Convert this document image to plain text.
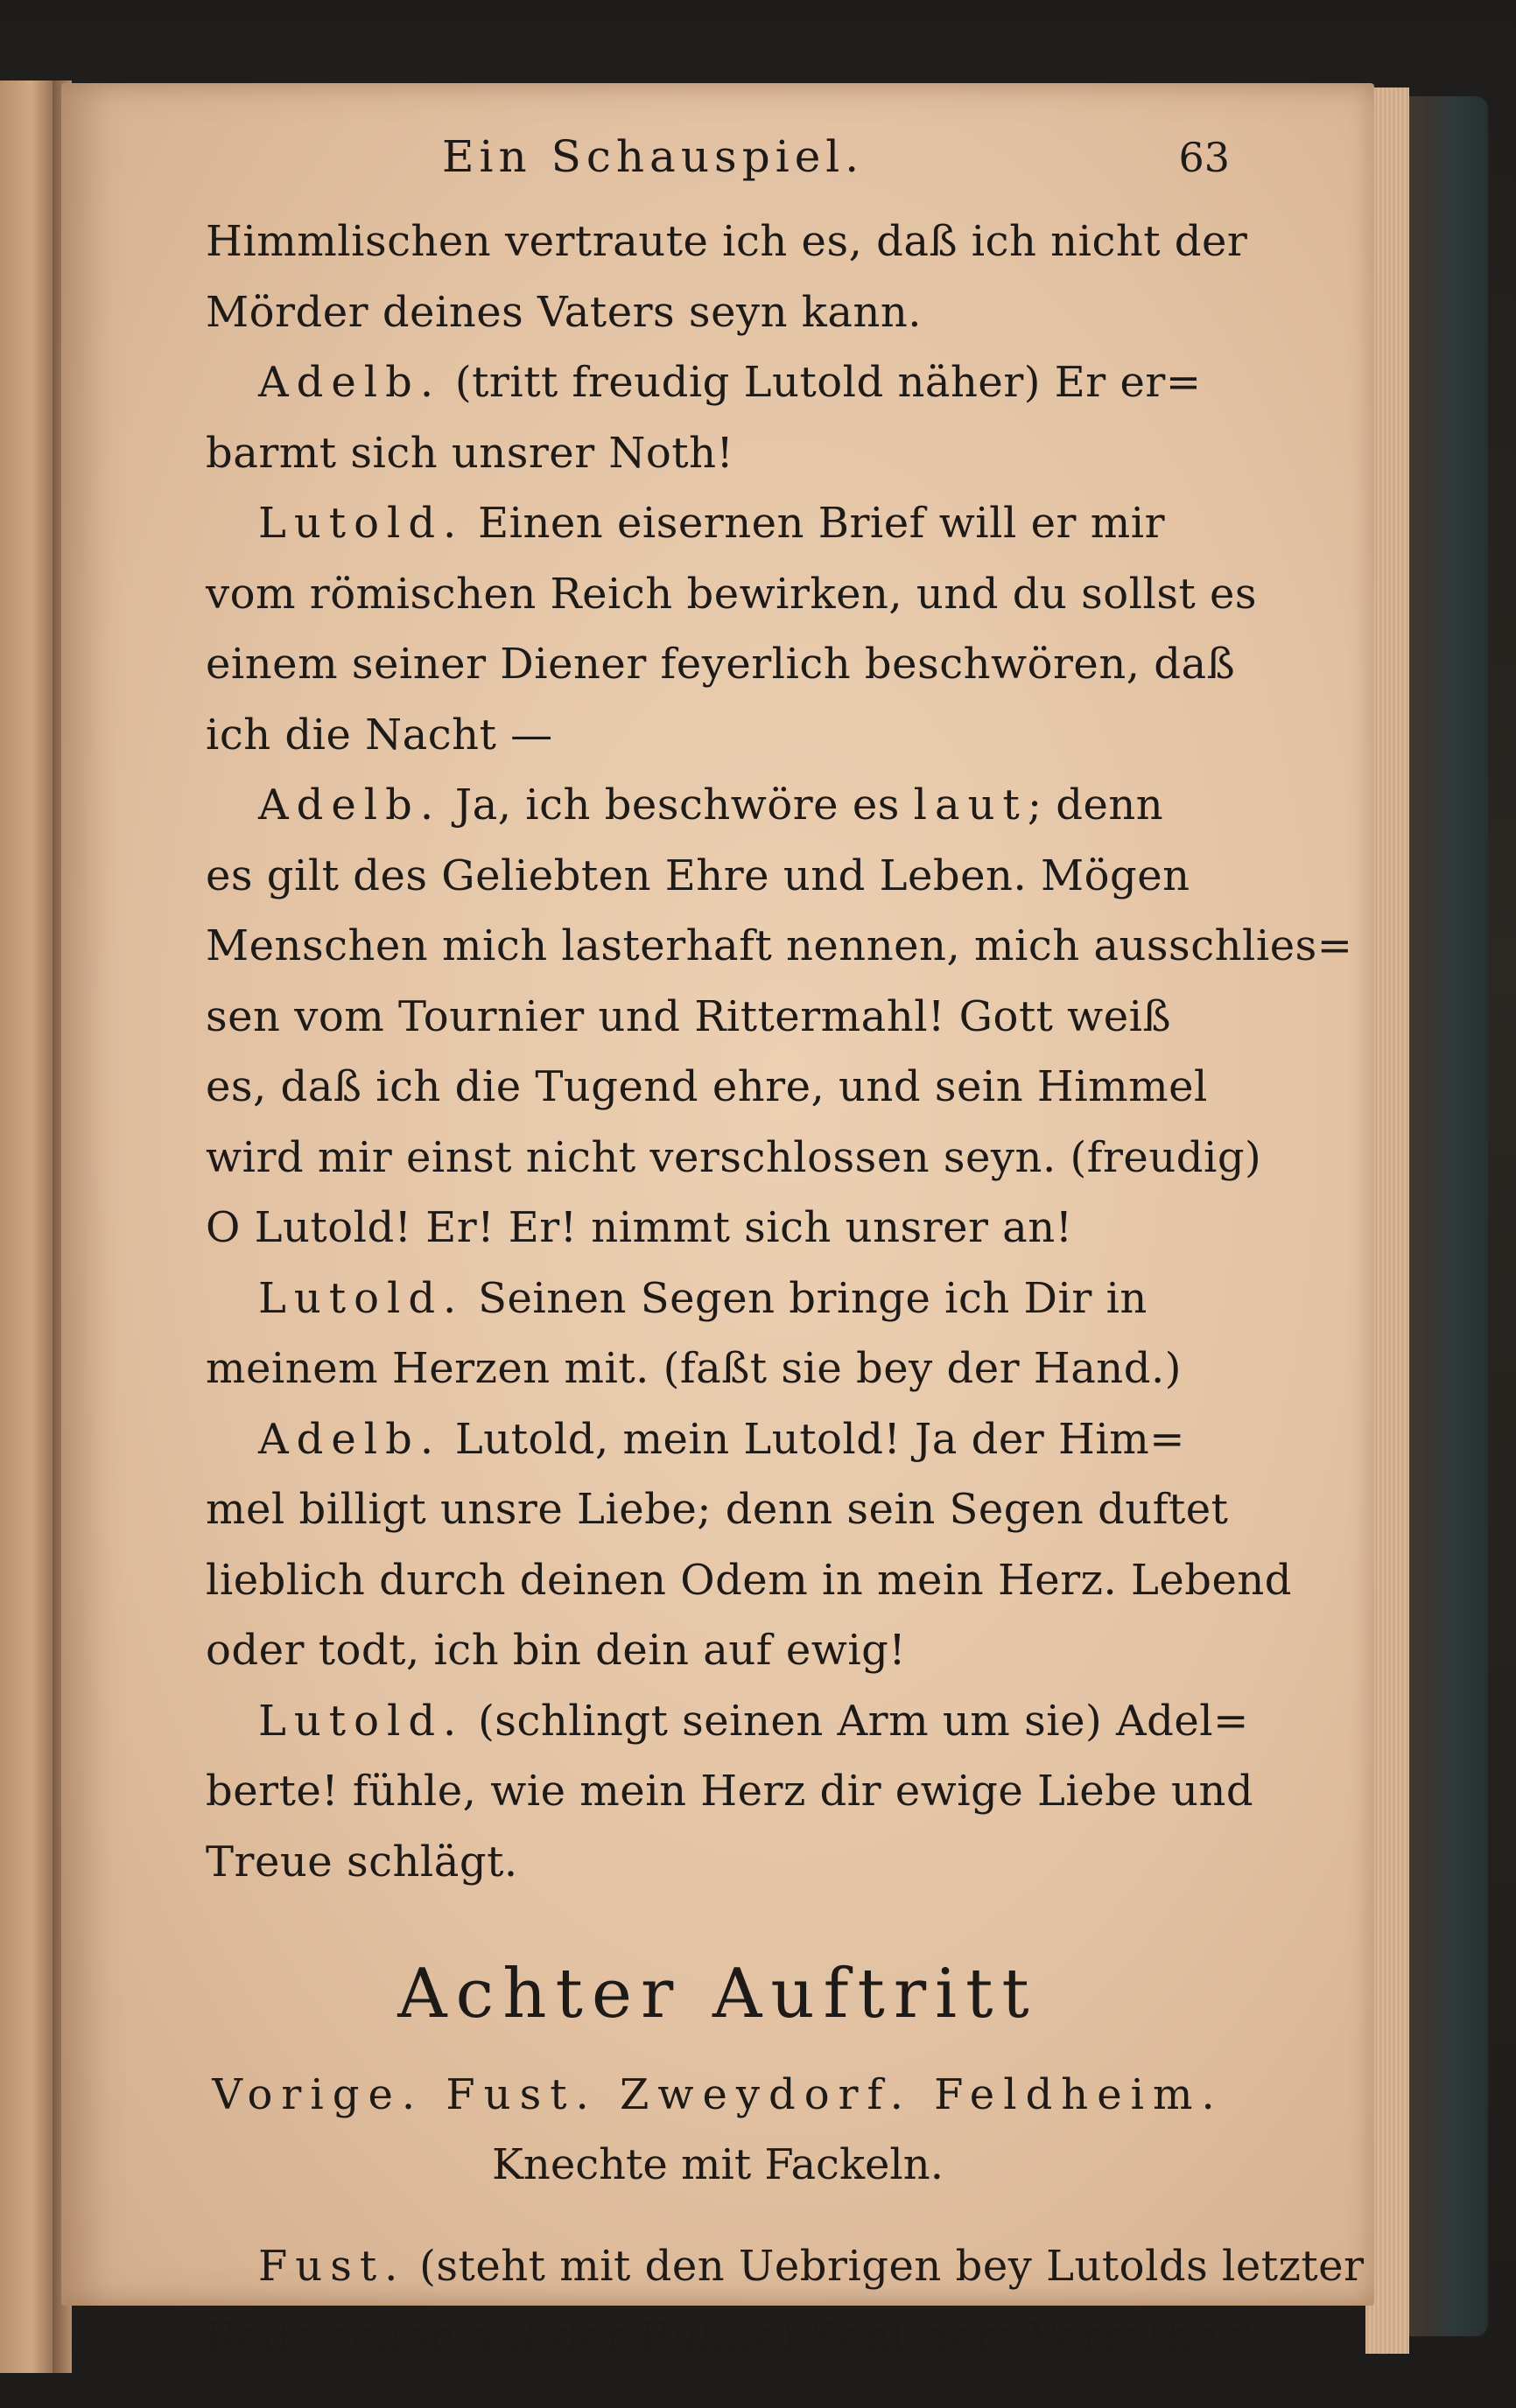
Ein Schauspiel.	63
Himmlischen vertraute ich es, daß ich nicht der
Mörder deines Vaters seyn kann.
Adelb. (tritt freudig Lutold näher) Er er=
barmt sich unsrer Noth!
Lutold. Einen eisernen Brief will er mir
vom römischen Reich bewirken, und du sollst es
einem seiner Diener feyerlich beschwören, daß
ich die Nacht —
Adelb. Ja, ich beschwöre es laut; denn
es gilt des Geliebten Ehre und Leben. Mögen
Menschen mich lasterhaft nennen, mich ausschlies=
sen vom Tournier und Rittermahl! Gott weiß
es, daß ich die Tugend ehre, und sein Himmel
wird mir einst nicht verschlossen seyn. (freudig)
O Lutold! Er! Er! nimmt sich unsrer an!
Lutold. Seinen Segen bringe ich Dir in
meinem Herzen mit. (faßt sie bey der Hand.)
Adelb. Lutold, mein Lutold! Ja der Him=
mel billigt unsre Liebe; denn sein Segen duftet
lieblich durch deinen Odem in mein Herz. Lebend
oder todt, ich bin dein auf ewig!
Lutold. (schlingt seinen Arm um sie) Adel=
berte! fühle, wie mein Herz dir ewige Liebe und
Treue schlägt.
Achter Auftritt
Vorige. Fust. Zweydorf. Feldheim.
Knechte mit Fackeln.
Fust. (steht mit den Uebrigen bey Lutolds letzter
Rede schon auf der Bühne) Seht dem Verräther!
